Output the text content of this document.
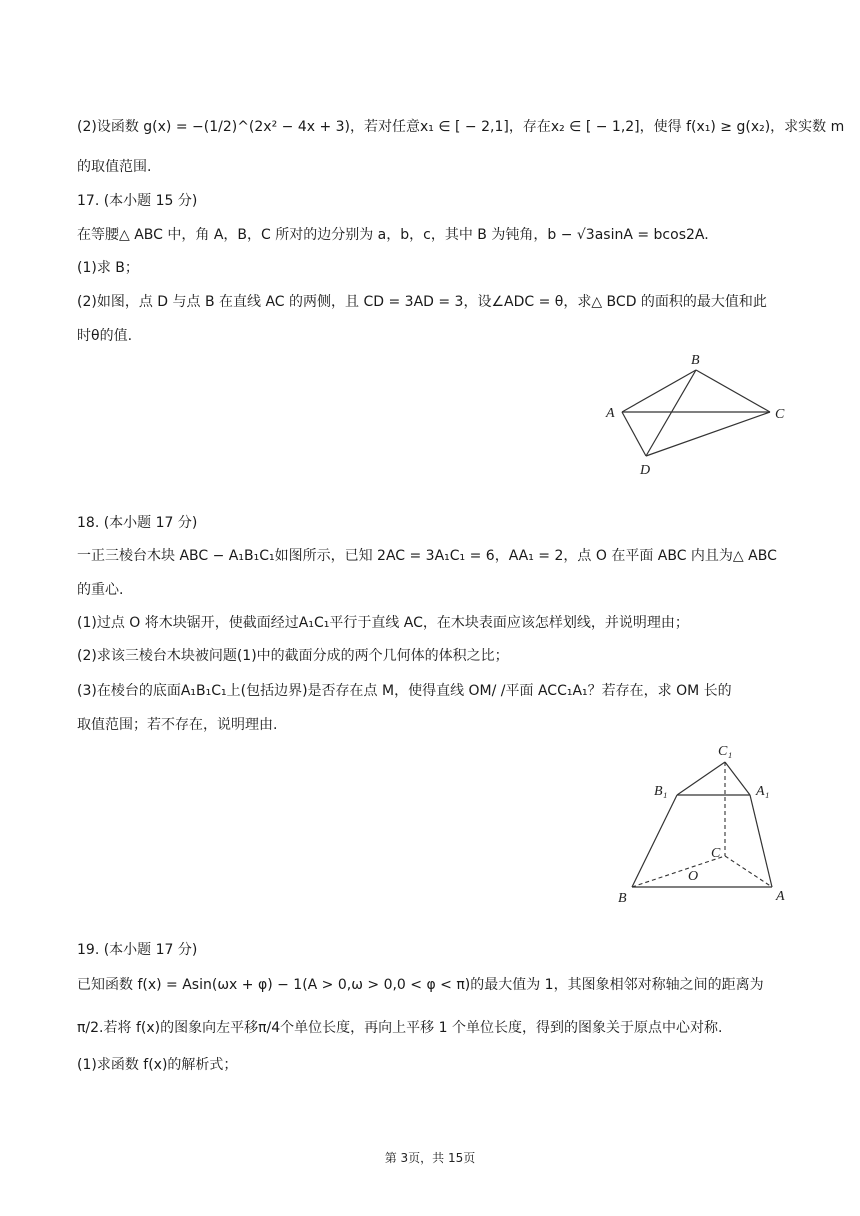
(2)设函数 g(x) = −(1/2)^(2x² − 4x + 3)，若对任意x₁ ∈ [ − 2,1]，存在x₂ ∈ [ − 1,2]，使得 f(x₁) ≥ g(x₂)，求实数 m
的取值范围.
17. (本小题 15 分)
在等腰△ ABC 中，角 A，B，C 所对的边分别为 a，b，c，其中 B 为钝角，b − √3asinA = bcos2A.
(1)求 B；
(2)如图，点 D 与点 B 在直线 AC 的两侧，且 CD = 3AD = 3，设∠ADC = θ，求△ BCD 的面积的最大值和此
时θ的值.
B
A	C
D
18. (本小题 17 分)
一正三棱台木块 ABC − A₁B₁C₁如图所示，已知 2AC = 3A₁C₁ = 6，AA₁ = 2，点 O 在平面 ABC 内且为△ ABC
的重心.
(1)过点 O 将木块锯开，使截面经过A₁C₁平行于直线 AC，在木块表面应该怎样划线，并说明理由；
(2)求该三棱台木块被问题(1)中的截面分成的两个几何体的体积之比；
(3)在棱台的底面A₁B₁C₁上(包括边界)是否存在点 M，使得直线 OM/ /平面 ACC₁A₁？若存在，求 OM 长的
取值范围；若不存在，说明理由.
C₁
B₁	A₁
C
O
B	A
19. (本小题 17 分)
已知函数 f(x) = Asin(ωx + φ) − 1(A > 0,ω > 0,0 < φ < π)的最大值为 1，其图象相邻对称轴之间的距离为
π/2.若将 f(x)的图象向左平移π/4个单位长度，再向上平移 1 个单位长度，得到的图象关于原点中心对称.
(1)求函数 f(x)的解析式；
第 3页，共 15页
